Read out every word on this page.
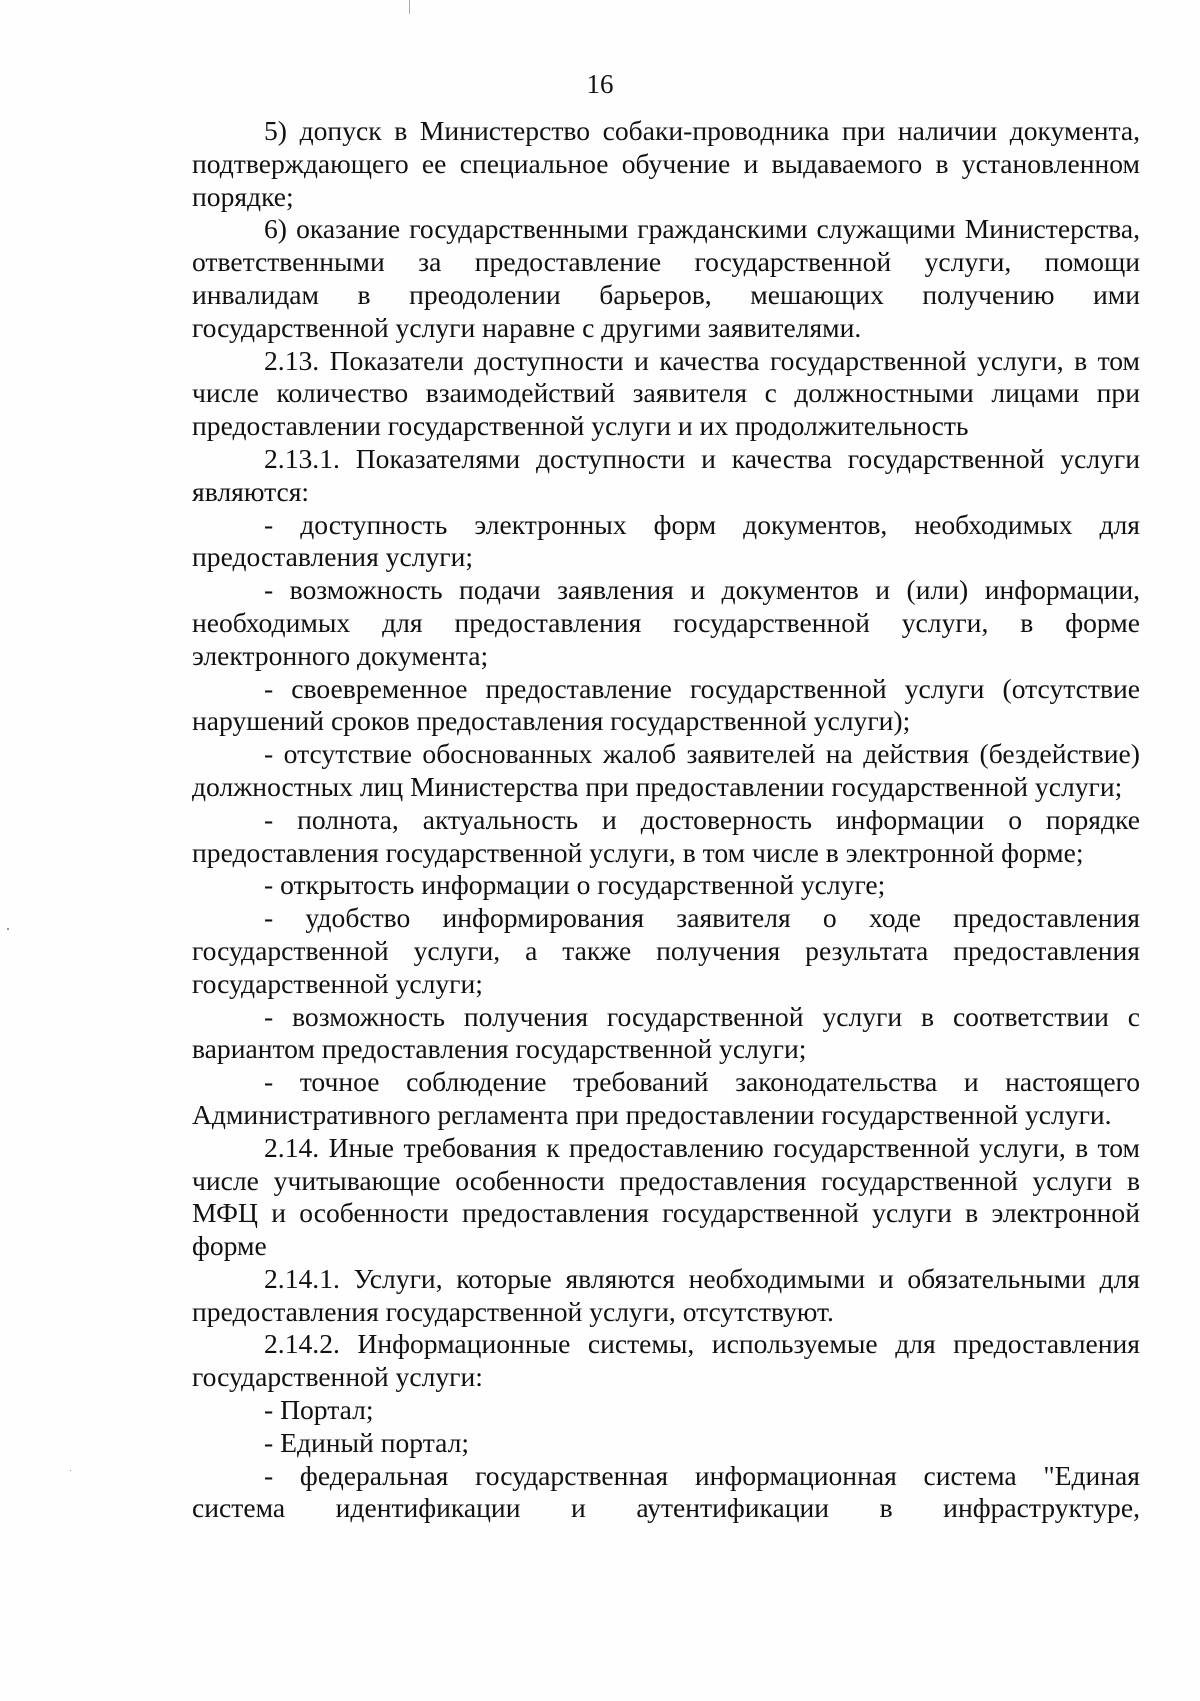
16

5) допуск в Министерство собаки-проводника при наличии документа, подтверждающего ее специальное обучение и выдаваемого в установленном порядке;

6) оказание государственными гражданскими служащими Министерства, ответственными за предоставление государственной услуги, помощи инвалидам в преодолении барьеров, мешающих получению ими государственной услуги наравне с другими заявителями.

2.13. Показатели доступности и качества государственной услуги, в том числе количество взаимодействий заявителя с должностными лицами при предоставлении государственной услуги и их продолжительность

2.13.1. Показателями доступности и качества государственной услуги являются:

- доступность электронных форм документов, необходимых для предоставления услуги;

- возможность подачи заявления и документов и (или) информации, необходимых для предоставления государственной услуги, в форме электронного документа;

- своевременное предоставление государственной услуги (отсутствие нарушений сроков предоставления государственной услуги);

- отсутствие обоснованных жалоб заявителей на действия (бездействие) должностных лиц Министерства при предоставлении государственной услуги;

- полнота, актуальность и достоверность информации о порядке предоставления государственной услуги, в том числе в электронной форме;

- открытость информации о государственной услуге;

- удобство информирования заявителя о ходе предоставления государственной услуги, а также получения результата предоставления государственной услуги;

- возможность получения государственной услуги в соответствии с вариантом предоставления государственной услуги;

- точное соблюдение требований законодательства и настоящего Административного регламента при предоставлении государственной услуги.

2.14. Иные требования к предоставлению государственной услуги, в том числе учитывающие особенности предоставления государственной услуги в МФЦ и особенности предоставления государственной услуги в электронной форме

2.14.1. Услуги, которые являются необходимыми и обязательными для предоставления государственной услуги, отсутствуют.

2.14.2. Информационные системы, используемые для предоставления государственной услуги:

- Портал;

- Единый портал;

- федеральная государственная информационная система "Единая система идентификации и аутентификации в инфраструктуре,
